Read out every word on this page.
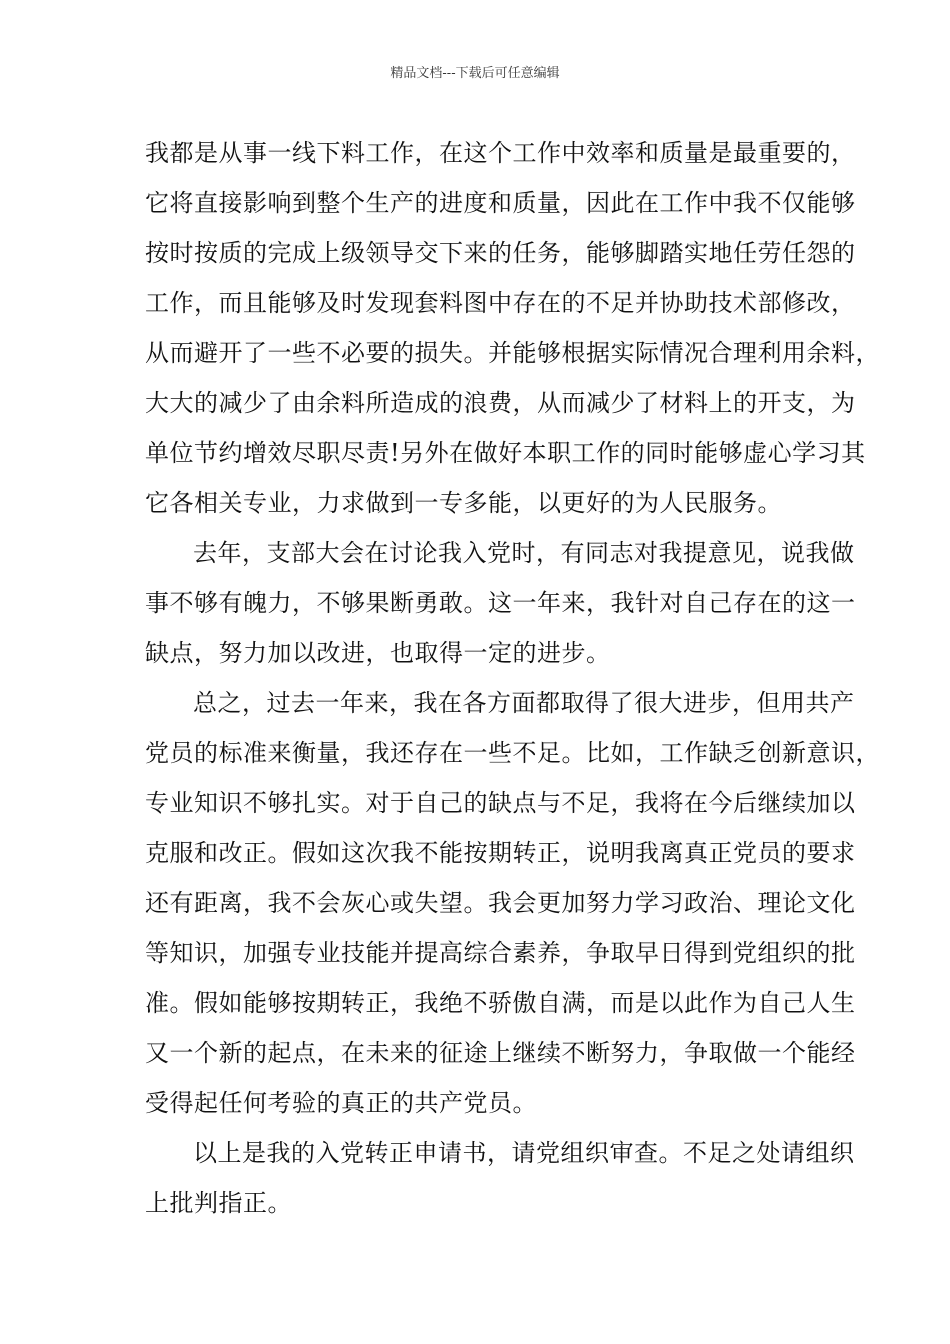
精品文档---下载后可任意编辑
我都是从事一线下料工作，在这个工作中效率和质量是最重要的，
它将直接影响到整个生产的进度和质量，因此在工作中我不仅能够
按时按质的完成上级领导交下来的任务，能够脚踏实地任劳任怨的
工作，而且能够及时发现套料图中存在的不足并协助技术部修改，
从而避开了一些不必要的损失。并能够根据实际情况合理利用余料，
大大的减少了由余料所造成的浪费，从而减少了材料上的开支，为
单位节约增效尽职尽责!另外在做好本职工作的同时能够虚心学习其
它各相关专业，力求做到一专多能，以更好的为人民服务。
去年，支部大会在讨论我入党时，有同志对我提意见，说我做
事不够有魄力，不够果断勇敢。这一年来，我针对自己存在的这一
缺点，努力加以改进，也取得一定的进步。
总之，过去一年来，我在各方面都取得了很大进步，但用共产
党员的标准来衡量，我还存在一些不足。比如，工作缺乏创新意识，
专业知识不够扎实。对于自己的缺点与不足，我将在今后继续加以
克服和改正。假如这次我不能按期转正，说明我离真正党员的要求
还有距离，我不会灰心或失望。我会更加努力学习政治、理论文化
等知识，加强专业技能并提高综合素养，争取早日得到党组织的批
准。假如能够按期转正，我绝不骄傲自满，而是以此作为自己人生
又一个新的起点，在未来的征途上继续不断努力，争取做一个能经
受得起任何考验的真正的共产党员。
以上是我的入党转正申请书，请党组织审查。不足之处请组织
上批判指正。
